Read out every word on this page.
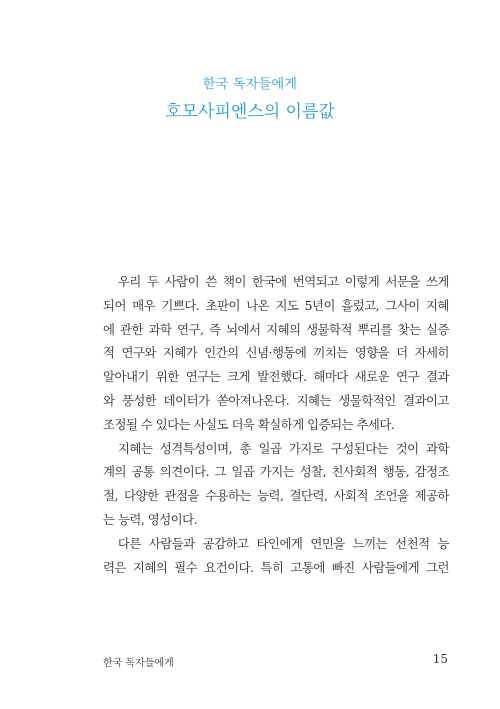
한국 독자들에게
호모사피엔스의 이름값

우리 두 사람이 쓴 책이 한국에 번역되고 이렇게 서문을 쓰게
되어 매우 기쁘다. 초판이 나온 지도 5년이 흘렀고, 그사이 지혜
에 관한 과학 연구, 즉 뇌에서 지혜의 생물학적 뿌리를 찾는 실증
적 연구와 지혜가 인간의 신념·행동에 끼치는 영향을 더 자세히
알아내기 위한 연구는 크게 발전했다. 해마다 새로운 연구 결과
와 풍성한 데이터가 쏟아져나온다. 지혜는 생물학적인 결과이고
조정될 수 있다는 사실도 더욱 확실하게 입증되는 추세다.

지혜는 성격특성이며, 총 일곱 가지로 구성된다는 것이 과학
계의 공통 의견이다. 그 일곱 가지는 성찰, 친사회적 행동, 감정조
절, 다양한 관점을 수용하는 능력, 결단력, 사회적 조언을 제공하
는 능력, 영성이다.

다른 사람들과 공감하고 타인에게 연민을 느끼는 선천적 능
력은 지혜의 필수 요건이다. 특히 고통에 빠진 사람들에게 그런

한국 독자들에게	15
